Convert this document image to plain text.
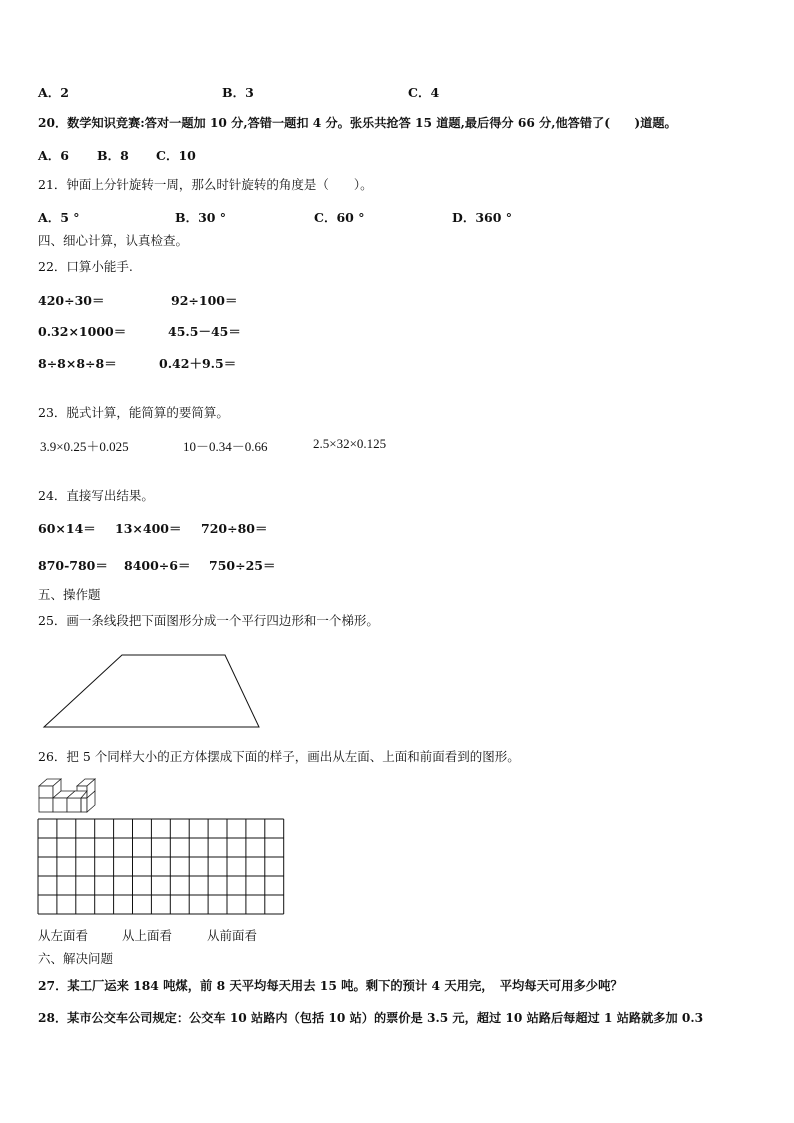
A．2	B．3	C．4
20．数学知识竞赛:答对一题加 10 分,答错一题扣 4 分。张乐共抢答 15 道题,最后得分 66 分,他答错了(　　)道题。
A．6 B．8 C．10
21．钟面上分针旋转一周，那么时针旋转的角度是（　　）。
A．5 °	B．30 °	C．60 °	D．360 °
四、细心计算，认真检查。
22．口算小能手.
420÷30＝	92÷100＝
0.32×1000＝	45.5－45＝
8÷8×8÷8＝	0.42＋9.5＝
23．脱式计算，能简算的要简算。
3.9×0.25＋0.025	10－0.34－0.66	2.5×32×0.125
24．直接写出结果。
60×14＝ 13×400＝ 720÷80＝
870-780＝ 8400÷6＝ 750÷25＝
五、操作题
25．画一条线段把下面图形分成一个平行四边形和一个梯形。
26．把 5 个同样大小的正方体摆成下面的样子，画出从左面、上面和前面看到的图形。
从左面看	从上面看	从前面看
六、解决问题
27．某工厂运来 184 吨煤，前 8 天平均每天用去 15 吨。剩下的预计 4 天用完，　平均每天可用多少吨？
28．某市公交车公司规定：公交车 10 站路内（包括 10 站）的票价是 3.5 元，超过 10 站路后每超过 1 站路就多加 0.3
